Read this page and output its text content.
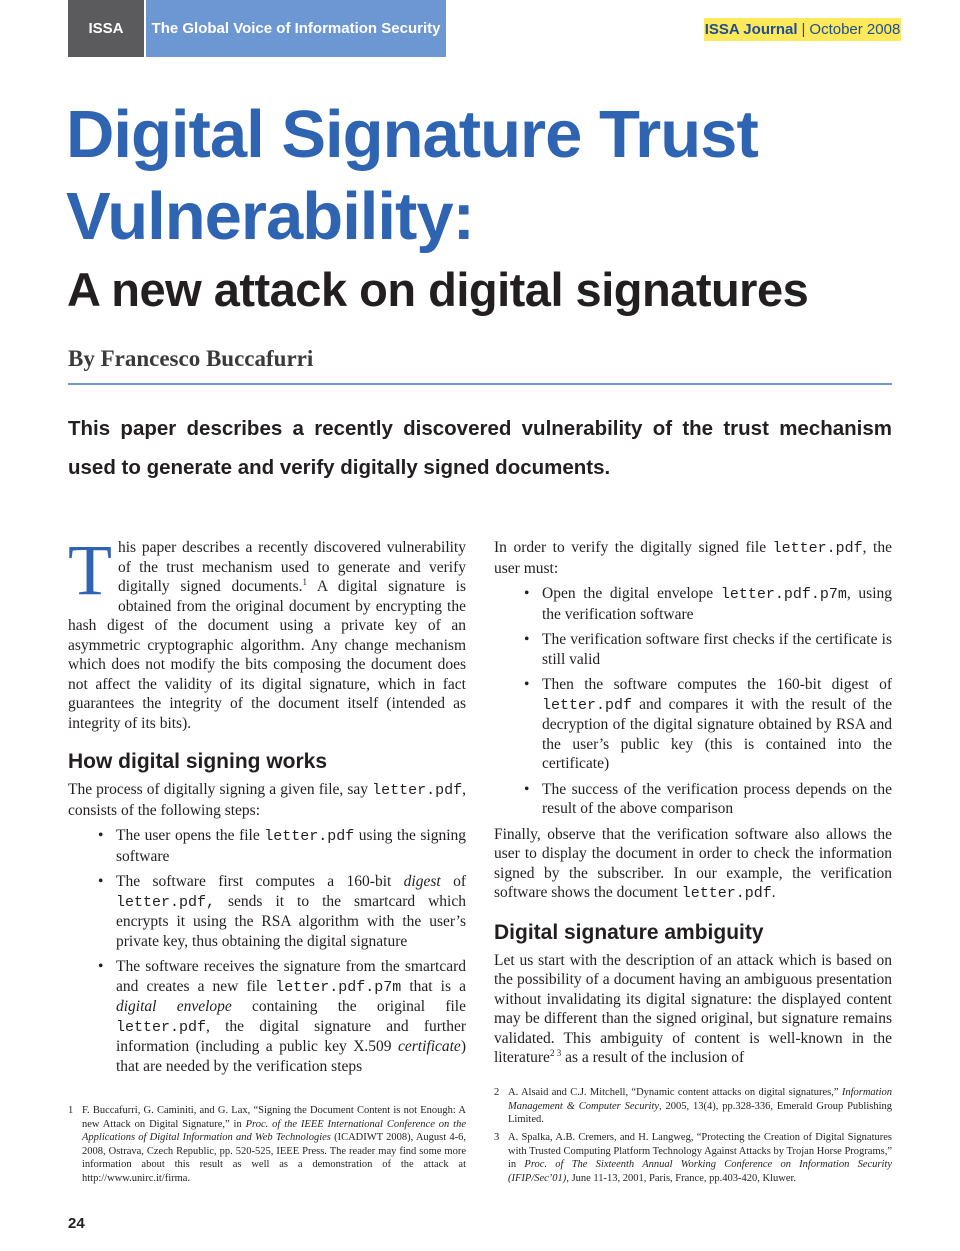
ISSA	The Global Voice of Information Security	ISSA Journal | October 2008
Digital Signature Trust
Vulnerability:
A new attack on digital signatures
By Francesco Buccafurri
This paper describes a recently discovered vulnerability of the trust mechanism used to generate and verify digitally signed documents.

This paper describes a recently discovered vulnerability of the trust mechanism used to generate and verify digitally signed documents.$^1$ A digital signature is obtained from the original document by encrypting the hash digest of the document using a private key of an asymmetric cryptographic algorithm. Any change mechanism which does not modify the bits composing the document does not affect the validity of its digital signature, which in fact guarantees the integrity of the document itself (intended as integrity of its bits).

How digital signing works

The process of digitally signing a given file, say letter.pdf, consists of the following steps:

• The user opens the file letter.pdf using the signing software
• The software first computes a 160-bit digest of letter.pdf, sends it to the smartcard which encrypts it using the RSA algorithm with the user’s private key, thus obtaining the digital signature
• The software receives the signature from the smartcard and creates a new file letter.pdf.p7m that is a digital envelope containing the original file letter.pdf, the digital signature and further information (including a public key X.509 certificate) that are needed by the verification steps

In order to verify the digitally signed file letter.pdf, the user must:

• Open the digital envelope letter.pdf.p7m, using the verification software
• The verification software first checks if the certificate is still valid
• Then the software computes the 160-bit digest of letter.pdf and compares it with the result of the decryption of the digital signature obtained by RSA and the user’s public key (this is contained into the certificate)
• The success of the verification process depends on the result of the above comparison

Finally, observe that the verification software also allows the user to display the document in order to check the information signed by the subscriber. In our example, the verification software shows the document letter.pdf.

Digital signature ambiguity

Let us start with the description of an attack which is based on the possibility of a document having an ambiguous presentation without invalidating its digital signature: the displayed content may be different than the signed original, but signature remains validated. This ambiguity of content is well-known in the literature$^{2 3}$ as a result of the inclusion of

1 F. Buccafurri, G. Caminiti, and G. Lax, “Signing the Document Content is not Enough: A new Attack on Digital Signature,” in Proc. of the IEEE International Conference on the Applications of Digital Information and Web Technologies (ICADIWT 2008), August 4-6, 2008, Ostrava, Czech Republic, pp. 520-525, IEEE Press. The reader may find some more information about this result as well as a demonstration of the attack at http://www.unirc.it/firma.
2 A. Alsaid and C.J. Mitchell, “Dynamic content attacks on digital signatures,” Information Management & Computer Security, 2005, 13(4), pp.328-336, Emerald Group Publishing Limited.
3 A. Spalka, A.B. Cremers, and H. Langweg, “Protecting the Creation of Digital Signatures with Trusted Computing Platform Technology Against Attacks by Trojan Horse Programs,” in Proc. of The Sixteenth Annual Working Conference on Information Security (IFIP/Sec’01), June 11-13, 2001, Paris, France, pp.403-420, Kluwer.
24
